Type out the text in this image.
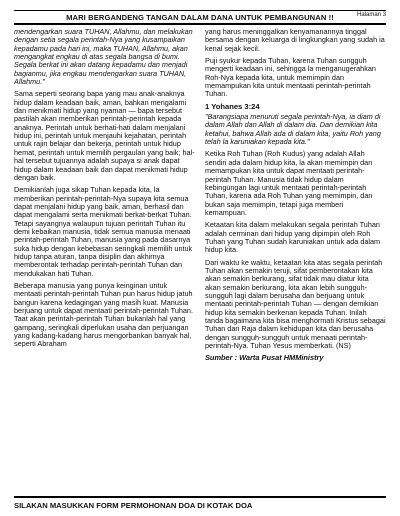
MARI BERGANDENG TANGAN DALAM DANA UNTUK PEMBANGUNAN !!	Halaman 3

mendengarkan suara TUHAN, Allahmu, dan melakukan dengan setia segala perintah-Nya yang kusampaikan kepadamu pada hari ini, maka TUHAN, Allahmu, akan mengangkat engkau di atas segala bangsa di bumi. Segala berkat ini akan datang kepadamu dan menjadi bagianmu, jika engkau mendengarkan suara TUHAN, Allahmu."

Sama seperti seorang bapa yang mau anak-anaknya hidup dalam keadaan baik, aman, bahkan mengalami dan menikmati hidup yang nyaman — bapa tersebut pastilah akan memberikan perintah-perintah kepada anaknya. Perintah untuk berhati-hati dalam menjalani hidup ini, perintah untuk menjauhi kejahatan, perintah untuk rajin belajar dan bekerja, perintah untuk hidup hemat, perintah untuk memilih pergaulan yang baik; hal-hal tersebut tujuannya adalah supaya si anak dapat hidup dalam keadaan baik dan dapat menikmati hidup dengan baik.

Demikianlah juga sikap Tuhan kepada kita, la memberikan perintah-perintah-Nya supaya kita semua dapat menjalani hidup yang baik, aman, berhasil dan dapat mengalami serta menikmati berkat-berkat Tuhan. Tetapi sayangnya walaupun tujuan perintah Tuhan itu demi kebaikan manusia, tidak semua manusia menaati perintah-perintah Tuhan, manusia yang pada dasarnya suka hidup dengan kebebasan seringkali memilih untuk hidup tanpa aturan, tanpa disiplin dan akhirnya memberontak terhadap perintah-perintah Tuhan dan mendukakan hati Tuhan.

Beberapa manusia yang punya keinginan untuk mentaati perintah-perintah Tuhan pun harus hidup jatuh bangun karena kedagingan yang masih kuat. Manusia berjuang untuk dapat mentaati perintah-perintah Tuhan. Taat akan perintah-perintah Tuhan bukanlah hal yang gampang, seringkali diperlukan usaha dan perjuangan yang kadang-kadang harus mengorbankan banyak hal, seperti Abraham

yang harus meninggalkan kenyamanannya tinggal bersama dengan keluarga di lingkungkan yang sudah ia kenal sejak kecil.

Puji syukur kepada Tuhan, karena Tuhan sungguh mengerti keadaan ini, sehingga la menganugerahkan Roh-Nya kepada kita, untuk memimpin dan memampukan kita untuk mentaati perintah-perintah Tuhan.

1 Yohanes 3:24

"Barangsiapa menuruti segala perintah-Nya, ia diam di dalam Allah dan Allah di dalam dia. Dan demikian kita ketahui, bahwa Allah ada di dalam kita, yaitu Roh yang telah la karuniakan kepada kita."

Ketika Roh Tuhan (Roh Kudus) yang adalah Allah sendiri ada dalam hidup kita, la akan memimpin dan memampukan kita untuk dapat mentaati perintah-perintah Tuhan. Manusia tidak hidup dalam kebingungan lagi untuk mentaati perintah-perintah Tuhan, karena ada Roh Tuhan yang memimpin, dan bukan saja memimpin, tetapi juga memberi kemampuan.

Ketaatan kita dalam melakukan segala perintah Tuhan adalah cerminan dari hidup yang dipimpin oleh Roh Tuhan yang Tuhan sudah karuniakan untuk ada dalam hidup kita.

Dari waktu ke waktu, ketaatan kita atas segala perintah Tuhan akan semakin teruji, sifat pemberontakan kita akan semakin berkurang, sifat tidak mau diatur kita akan semakin berkurang, kita akan lebih sungguh-sungguh lagi dalam berusaha dan berjuang untuk mentaati perintah-perintah Tuhan — dengan demikian hidup kita semakin berkenan kepada Tuhan. Inilah tanda bagaimana kita bisa menghormati Kristus sebagai Tuhan dan Raja dalam kehidupan kita dan berusaha dengan sungguh-sungguh untuk menaati perintah-perintah-Nya. Tuhan Yesus memberkati. (NS)

Sumber : Warta Pusat HMMinistry

SILAKAN MASUKKAN FORM PERMOHONAN DOA DI KOTAK DOA
